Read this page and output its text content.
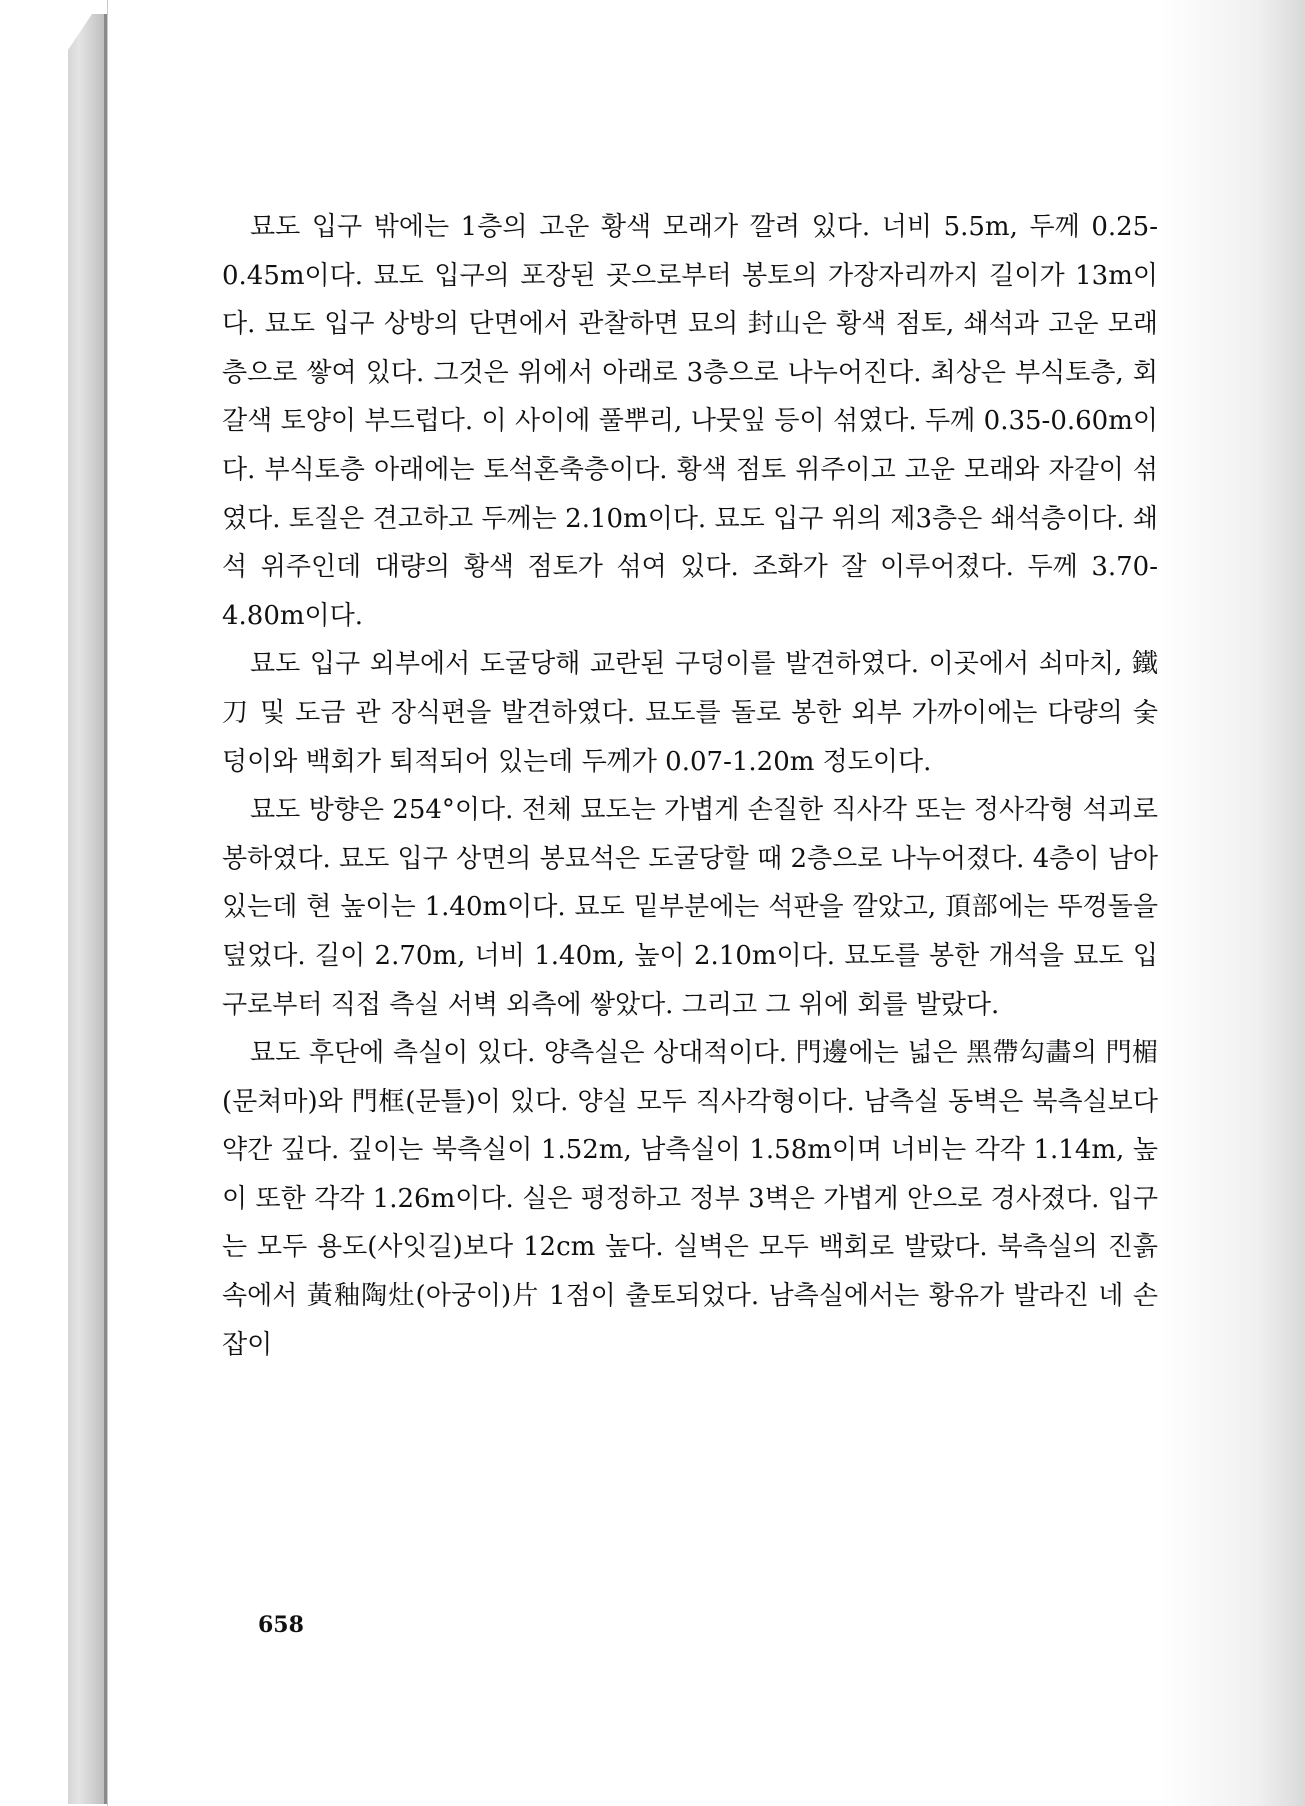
묘도 입구 밖에는 1층의 고운 황색 모래가 깔려 있다. 너비 5.5m, 두께 0.25-0.45m이다. 묘도 입구의 포장된 곳으로부터 봉토의 가장자리까지 길이가 13m이다. 묘도 입구 상방의 단면에서 관찰하면 묘의 封山은 황색 점토, 쇄석과 고운 모래층으로 쌓여 있다. 그것은 위에서 아래로 3층으로 나누어진다. 최상은 부식토층, 회갈색 토양이 부드럽다. 이 사이에 풀뿌리, 나뭇잎 등이 섞였다. 두께 0.35-0.60m이다. 부식토층 아래에는 토석혼축층이다. 황색 점토 위주이고 고운 모래와 자갈이 섞였다. 토질은 견고하고 두께는 2.10m이다. 묘도 입구 위의 제3층은 쇄석층이다. 쇄석 위주인데 대량의 황색 점토가 섞여 있다. 조화가 잘 이루어졌다. 두께 3.70-4.80m이다.

묘도 입구 외부에서 도굴당해 교란된 구덩이를 발견하였다. 이곳에서 쇠마치, 鐵刀 및 도금 관 장식편을 발견하였다. 묘도를 돌로 봉한 외부 가까이에는 다량의 숯덩이와 백회가 퇴적되어 있는데 두께가 0.07-1.20m 정도이다.

묘도 방향은 254°이다. 전체 묘도는 가볍게 손질한 직사각 또는 정사각형 석괴로 봉하였다. 묘도 입구 상면의 봉묘석은 도굴당할 때 2층으로 나누어졌다. 4층이 남아 있는데 현 높이는 1.40m이다. 묘도 밑부분에는 석판을 깔았고, 頂部에는 뚜껑돌을 덮었다. 길이 2.70m, 너비 1.40m, 높이 2.10m이다. 묘도를 봉한 개석을 묘도 입구로부터 직접 측실 서벽 외측에 쌓았다. 그리고 그 위에 회를 발랐다.

묘도 후단에 측실이 있다. 양측실은 상대적이다. 門邊에는 넓은 黑帶勾畵의 門楣(문쳐마)와 門框(문틀)이 있다. 양실 모두 직사각형이다. 남측실 동벽은 북측실보다 약간 깊다. 깊이는 북측실이 1.52m, 남측실이 1.58m이며 너비는 각각 1.14m, 높이 또한 각각 1.26m이다. 실은 평정하고 정부 3벽은 가볍게 안으로 경사졌다. 입구는 모두 용도(사잇길)보다 12cm 높다. 실벽은 모두 백회로 발랐다. 북측실의 진흙 속에서 黃釉陶灶(아궁이)片 1점이 출토되었다. 남측실에서는 황유가 발라진 네 손잡이

658
